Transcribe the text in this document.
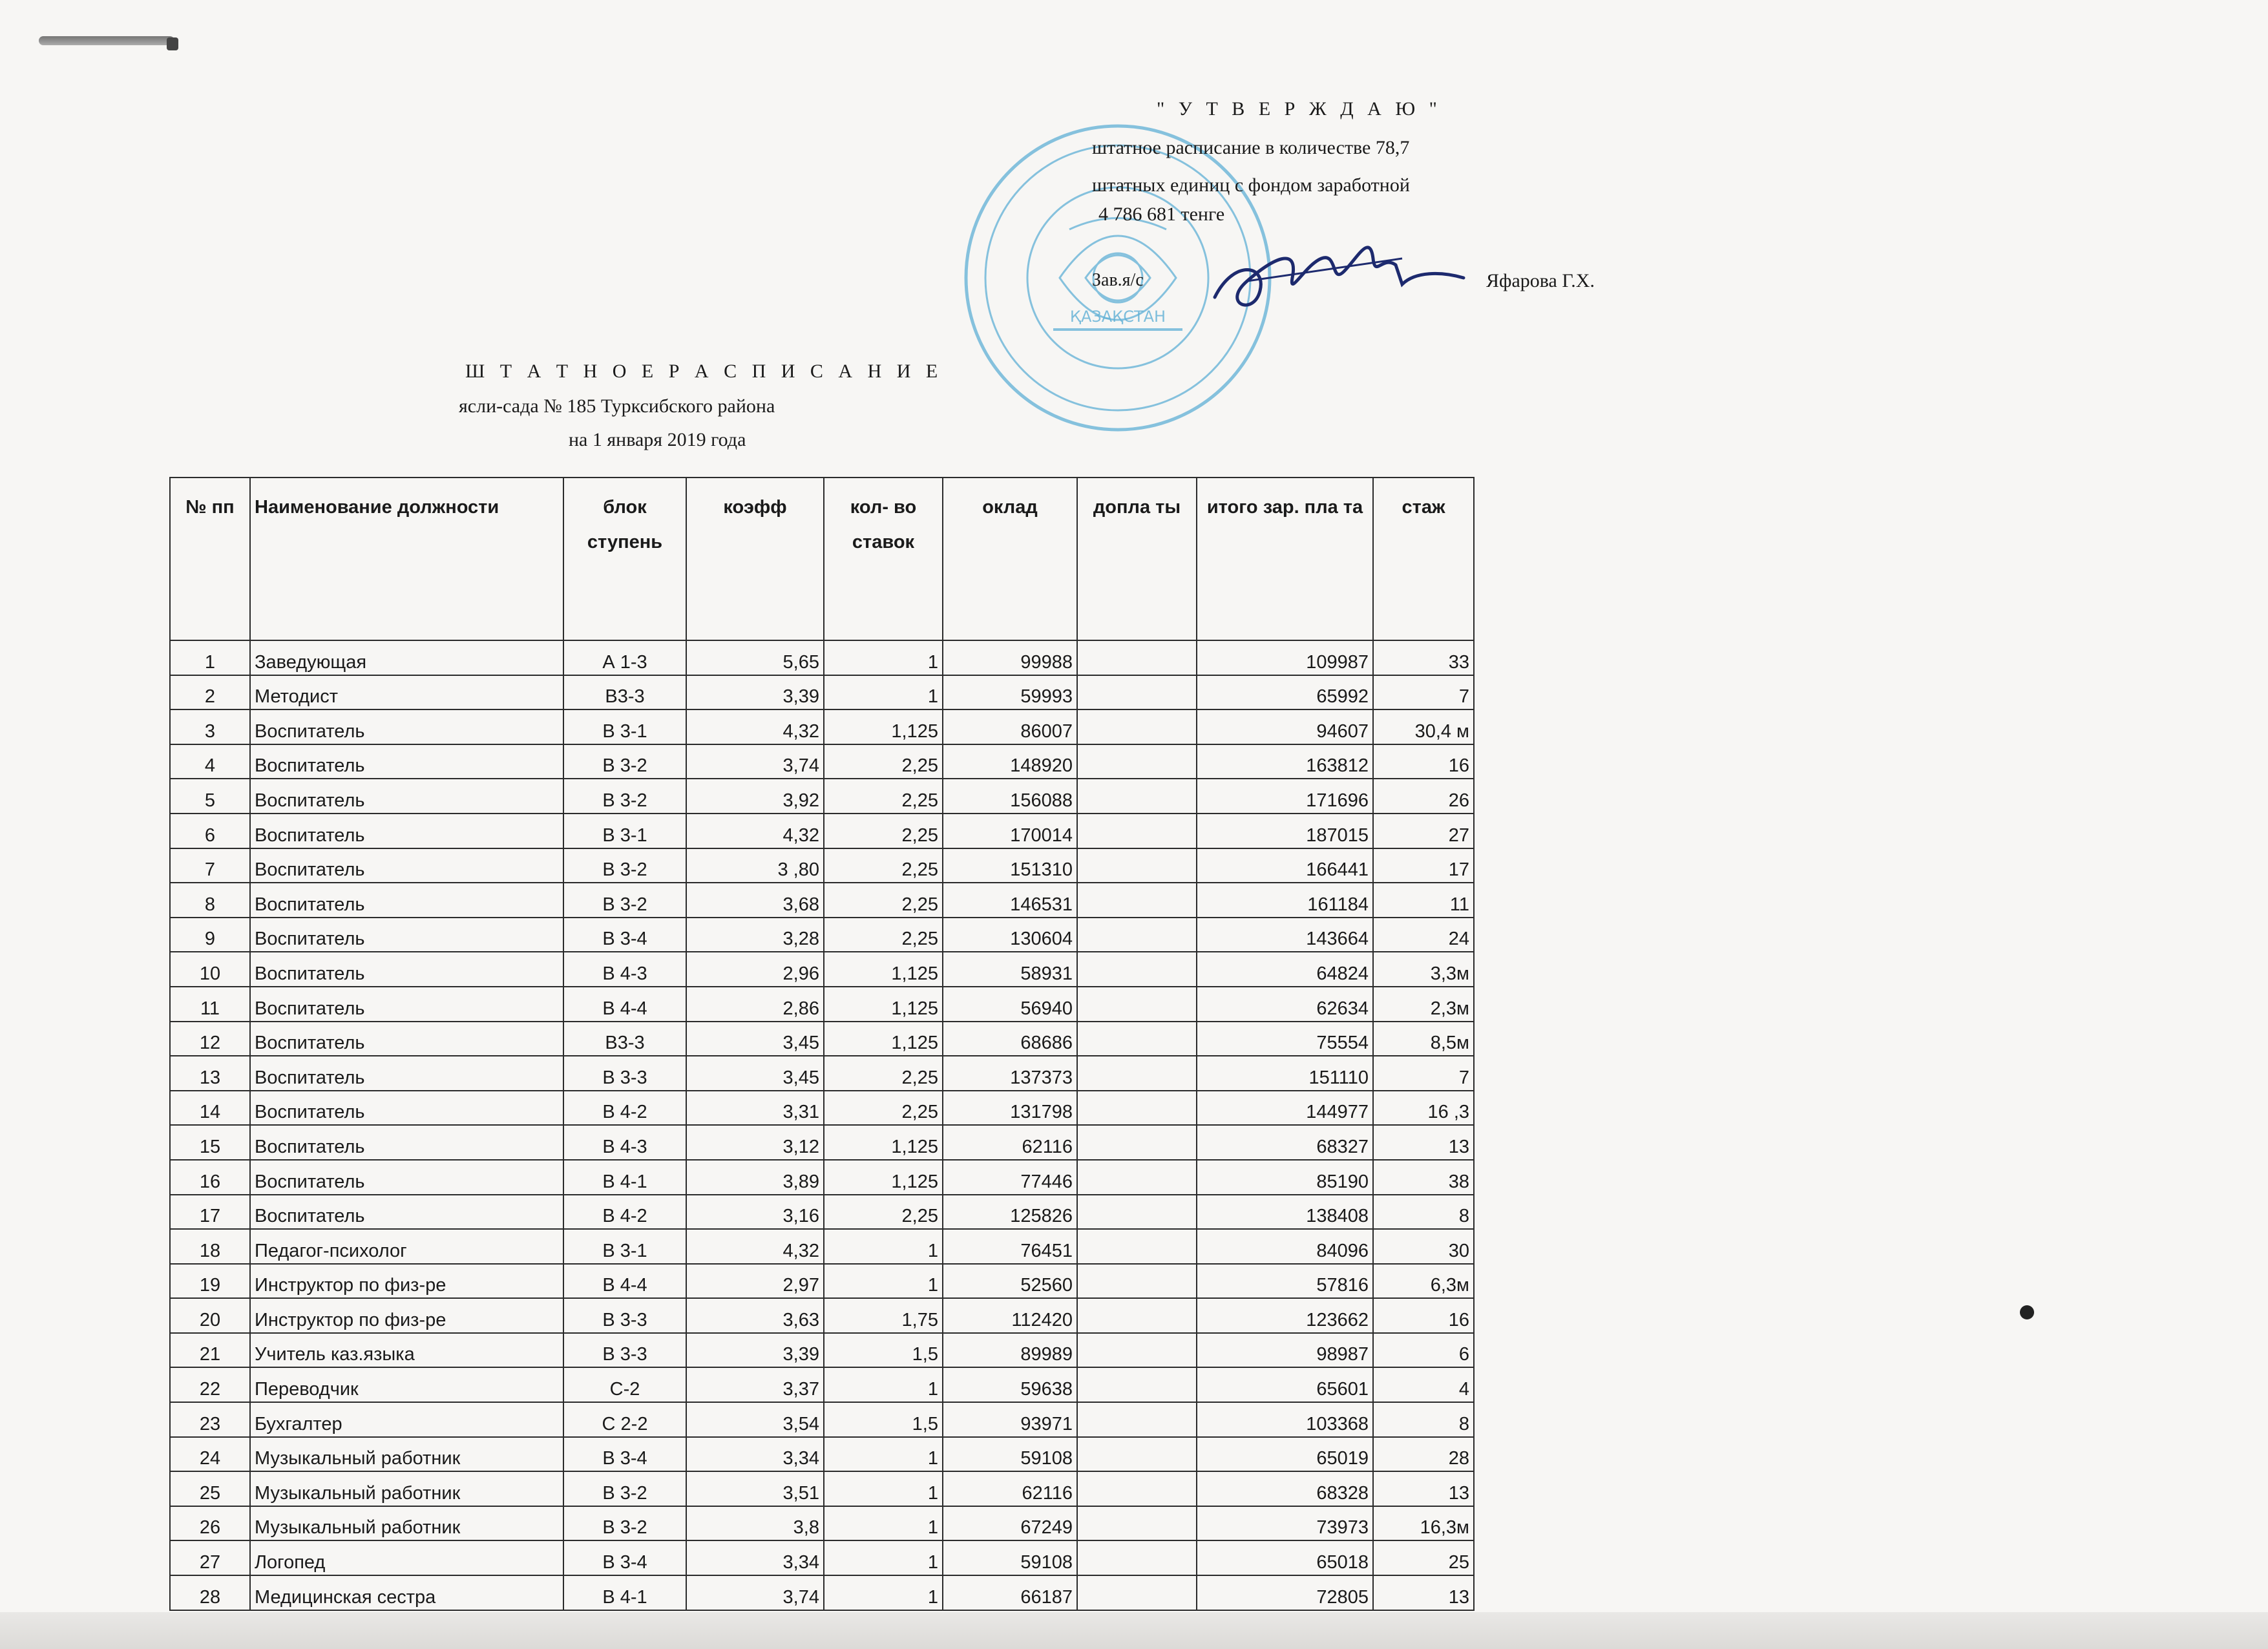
ҚАЗАҚСТАН
" У Т В Е Р Ж Д А Ю "
штатное расписание в количестве 78,7
штатных единиц с фондом заработной
4 786 681 тенге
Зав.я/с	Яфарова Г.Х.
Ш Т А Т Н О Е Р А С П И С А Н И Е
ясли-сада № 185 Турксибского района
на 1 января 2019 года
№ пп	Наименование должности	блок ступень	коэфф	кол- во ставок	оклад	допла ты	итого зар. пла та	стаж
1	Заведующая	А 1-3	5,65	1	99988		109987	33
2	Методист	В3-3	3,39	1	59993		65992	7
3	Воспитатель	В 3-1	4,32	1,125	86007		94607	30,4 м
4	Воспитатель	В 3-2	3,74	2,25	148920		163812	16
5	Воспитатель	В 3-2	3,92	2,25	156088		171696	26
6	Воспитатель	В 3-1	4,32	2,25	170014		187015	27
7	Воспитатель	В 3-2	3 ,80	2,25	151310		166441	17
8	Воспитатель	В 3-2	3,68	2,25	146531		161184	11
9	Воспитатель	В 3-4	3,28	2,25	130604		143664	24
10	Воспитатель	В 4-3	2,96	1,125	58931		64824	3,3м
11	Воспитатель	В 4-4	2,86	1,125	56940		62634	2,3м
12	Воспитатель	В3-3	3,45	1,125	68686		75554	8,5м
13	Воспитатель	В 3-3	3,45	2,25	137373		151110	7
14	Воспитатель	В 4-2	3,31	2,25	131798		144977	16 ,3
15	Воспитатель	В 4-3	3,12	1,125	62116		68327	13
16	Воспитатель	В 4-1	3,89	1,125	77446		85190	38
17	Воспитатель	В 4-2	3,16	2,25	125826		138408	8
18	Педагог-психолог	В 3-1	4,32	1	76451		84096	30
19	Инструктор по физ-ре	В 4-4	2,97	1	52560		57816	6,3м
20	Инструктор по физ-ре	В 3-3	3,63	1,75	112420		123662	16
21	Учитель каз.языка	В 3-3	3,39	1,5	89989		98987	6
22	Переводчик	С-2	3,37	1	59638		65601	4
23	Бухгалтер	С 2-2	3,54	1,5	93971		103368	8
24	Музыкальный работник	В 3-4	3,34	1	59108		65019	28
25	Музыкальный работник	В 3-2	3,51	1	62116		68328	13
26	Музыкальный работник	В 3-2	3,8	1	67249		73973	16,3м
27	Логопед	В 3-4	3,34	1	59108		65018	25
28	Медицинская сестра	В 4-1	3,74	1	66187		72805	13
